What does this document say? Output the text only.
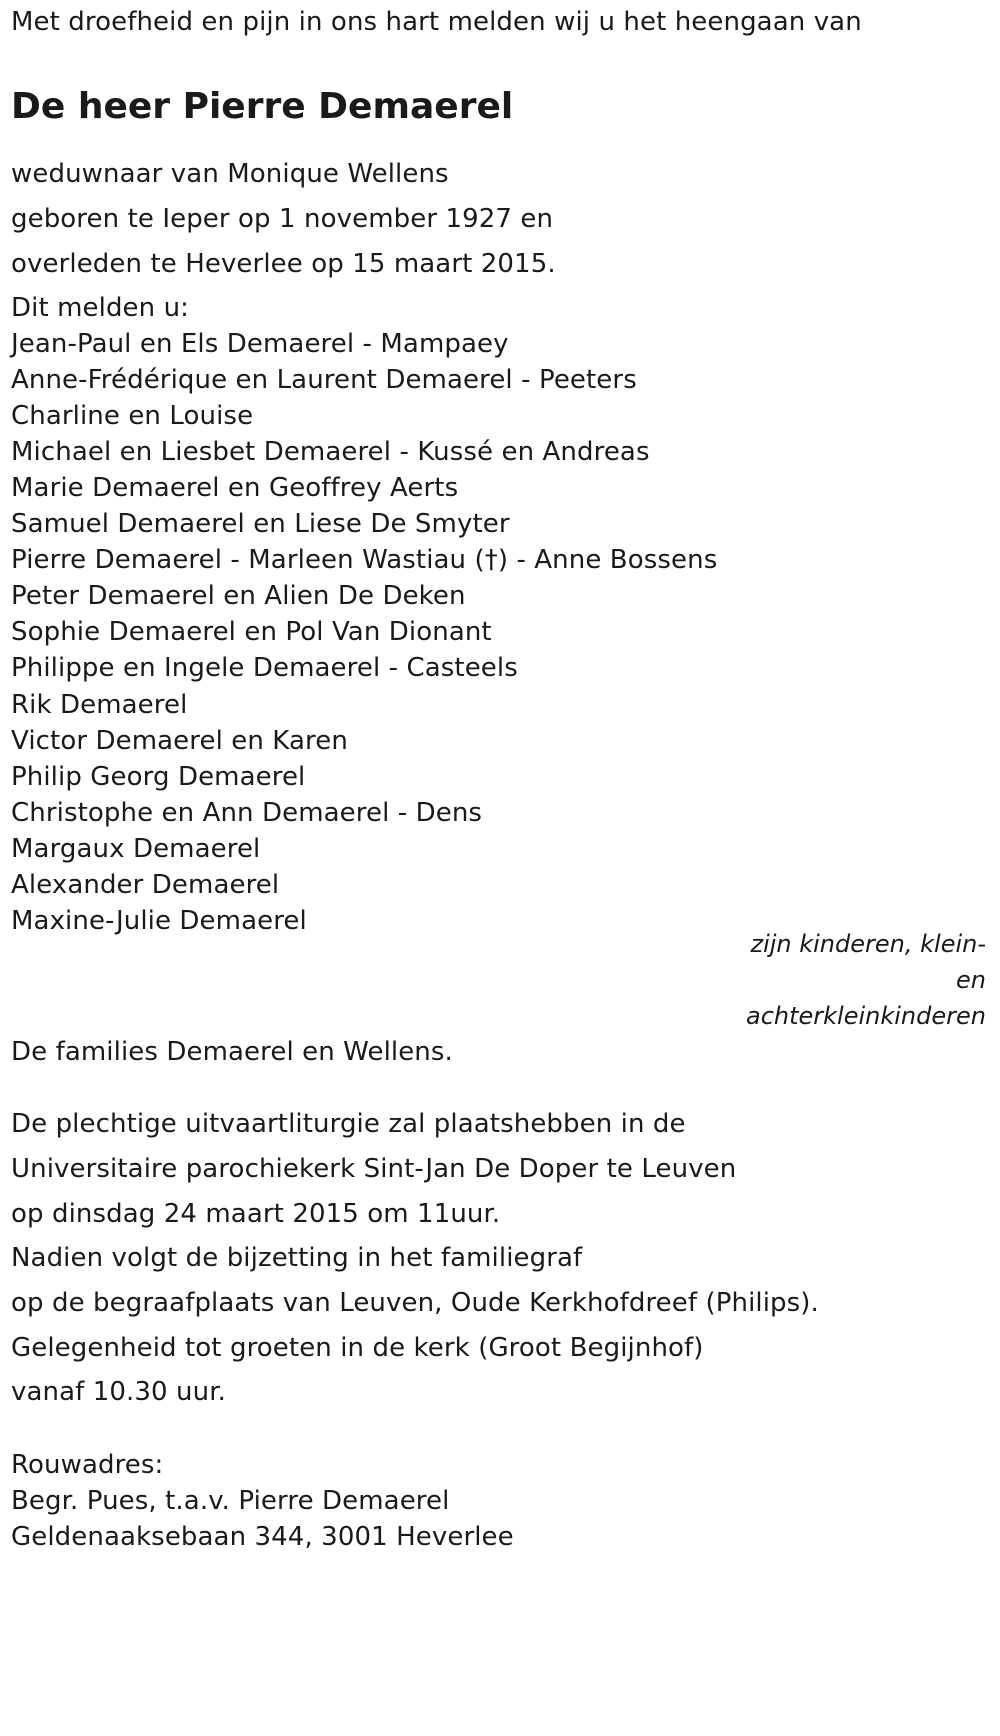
Met droefheid en pijn in ons hart melden wij u het heengaan van
De heer Pierre Demaerel
weduwnaar van Monique Wellens
geboren te Ieper op 1 november 1927 en
overleden te Heverlee op 15 maart 2015.
Dit melden u:
Jean-Paul en Els Demaerel - Mampaey
Anne-Frédérique en Laurent Demaerel - Peeters
Charline en Louise
Michael en Liesbet Demaerel - Kussé en Andreas
Marie Demaerel en Geoffrey Aerts
Samuel Demaerel en Liese De Smyter
Pierre Demaerel - Marleen Wastiau (†) - Anne Bossens
Peter Demaerel en Alien De Deken
Sophie Demaerel en Pol Van Dionant
Philippe en Ingele Demaerel - Casteels
Rik Demaerel
Victor Demaerel en Karen
Philip Georg Demaerel
Christophe en Ann Demaerel - Dens
Margaux Demaerel
Alexander Demaerel
Maxine-Julie Demaerel
zijn kinderen, klein-
en
achterkleinkinderen
De families Demaerel en Wellens.
De plechtige uitvaartliturgie zal plaatshebben in de
Universitaire parochiekerk Sint-Jan De Doper te Leuven
op dinsdag 24 maart 2015 om 11uur.
Nadien volgt de bijzetting in het familiegraf
op de begraafplaats van Leuven, Oude Kerkhofdreef (Philips).
Gelegenheid tot groeten in de kerk (Groot Begijnhof)
vanaf 10.30 uur.
Rouwadres:
Begr. Pues, t.a.v. Pierre Demaerel
Geldenaaksebaan 344, 3001 Heverlee
